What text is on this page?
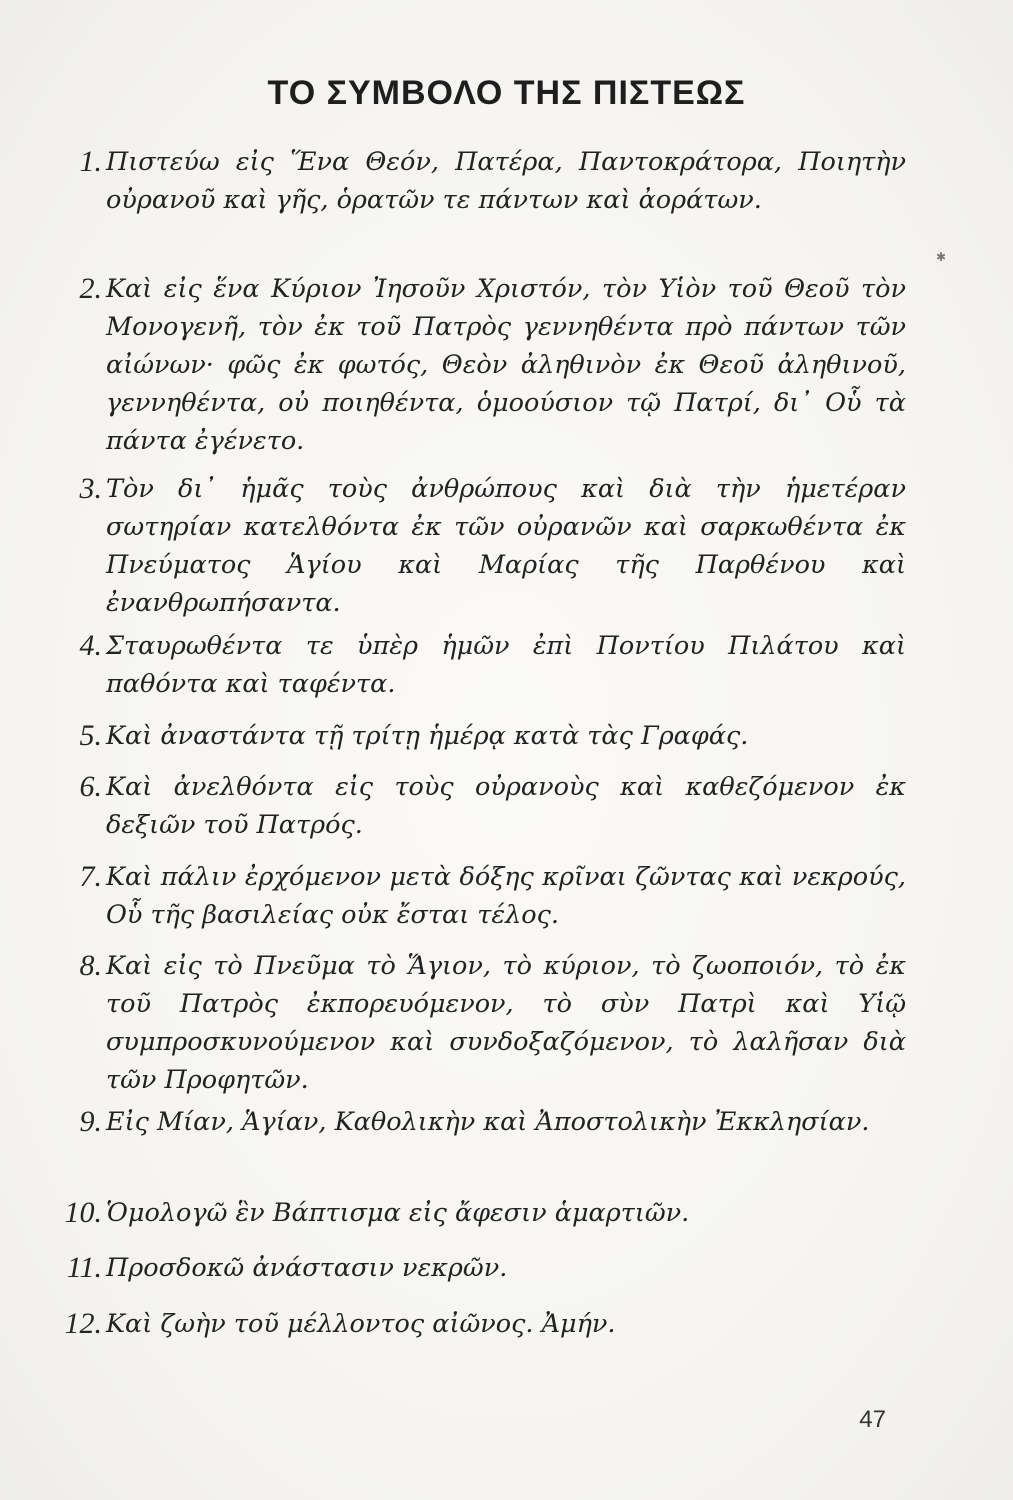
ΤΟ ΣΥΜΒΟΛΟ ΤΗΣ ΠΙΣΤΕΩΣ
1. Πιστεύω εἰς Ἕνα Θεόν, Πατέρα, Παντοκράτορα, Ποιητὴν οὐρανοῦ καὶ γῆς, ὁρατῶν τε πάντων καὶ ἀοράτων.
2. Καὶ εἰς ἕνα Κύριον Ἰησοῦν Χριστόν, τὸν Υἱὸν τοῦ Θεοῦ τὸν Μονογενῆ, τὸν ἐκ τοῦ Πατρὸς γεννηθέντα πρὸ πάντων τῶν αἰώνων· φῶς ἐκ φωτός, Θεὸν ἀληθινὸν ἐκ Θεοῦ ἀληθινοῦ, γεννηθέντα, οὐ ποιηθέντα, ὁμοούσιον τῷ Πατρί, δι᾿ Οὗ τὰ πάντα ἐγένετο.
3. Τὸν δι᾿ ἡμᾶς τοὺς ἀνθρώπους καὶ διὰ τὴν ἡμετέραν σωτηρίαν κατελθόντα ἐκ τῶν οὐρανῶν καὶ σαρκωθέντα ἐκ Πνεύματος Ἁγίου καὶ Μαρίας τῆς Παρθένου καὶ ἐνανθρωπήσαντα.
4. Σταυρωθέντα τε ὑπὲρ ἡμῶν ἐπὶ Ποντίου Πιλάτου καὶ παθόντα καὶ ταφέντα.
5. Καὶ ἀναστάντα τῇ τρίτῃ ἡμέρᾳ κατὰ τὰς Γραφάς.
6. Καὶ ἀνελθόντα εἰς τοὺς οὐρανοὺς καὶ καθεζόμενον ἐκ δεξιῶν τοῦ Πατρός.
7. Καὶ πάλιν ἐρχόμενον μετὰ δόξης κρῖναι ζῶντας καὶ νεκρούς, Οὗ τῆς βασιλείας οὐκ ἔσται τέλος.
8. Καὶ εἰς τὸ Πνεῦμα τὸ Ἅγιον, τὸ κύριον, τὸ ζωοποιόν, τὸ ἐκ τοῦ Πατρὸς ἐκπορευόμενον, τὸ σὺν Πατρὶ καὶ Υἱῷ συμπροσκυνούμενον καὶ συνδοξαζόμενον, τὸ λαλῆσαν διὰ τῶν Προφητῶν.
9. Εἰς Μίαν, Ἁγίαν, Καθολικὴν καὶ Ἀποστολικὴν Ἐκκλησίαν.
10. Ὁμολογῶ ἓν Βάπτισμα εἰς ἄφεσιν ἁμαρτιῶν.
11. Προσδοκῶ ἀνάστασιν νεκρῶν.
12. Καὶ ζωὴν τοῦ μέλλοντος αἰῶνος. Ἀμήν.
✱
47
